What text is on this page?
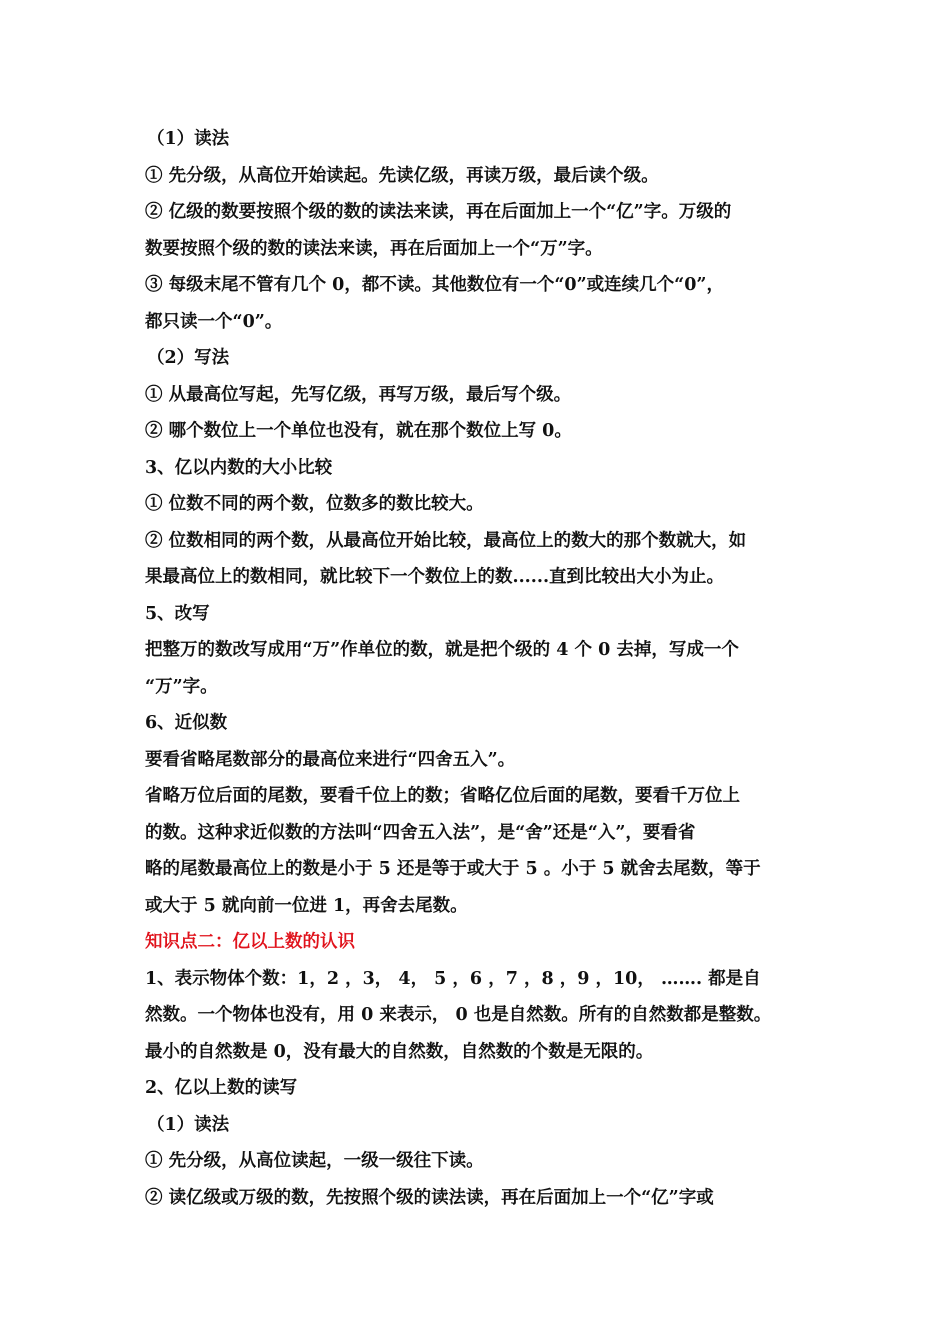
（1）读法
① 先分级，从高位开始读起。先读亿级，再读万级，最后读个级。
② 亿级的数要按照个级的数的读法来读，再在后面加上一个“亿”字。万级的
数要按照个级的数的读法来读，再在后面加上一个“万”字。
③ 每级末尾不管有几个 0，都不读。其他数位有一个“0”或连续几个“0”，
都只读一个“0”。
（2）写法
① 从最高位写起，先写亿级，再写万级，最后写个级。
② 哪个数位上一个单位也没有，就在那个数位上写 0。
3、亿以内数的大小比较
① 位数不同的两个数，位数多的数比较大。
② 位数相同的两个数，从最高位开始比较，最高位上的数大的那个数就大，如
果最高位上的数相同，就比较下一个数位上的数......直到比较出大小为止。
5、改写
把整万的数改写成用“万”作单位的数，就是把个级的 4 个 0 去掉，写成一个
“万”字。
6、近似数
要看省略尾数部分的最高位来进行“四舍五入”。
省略万位后面的尾数，要看千位上的数；省略亿位后面的尾数，要看千万位上
的数。这种求近似数的方法叫“四舍五入法”，是“舍”还是“入”，要看省
略的尾数最高位上的数是小于 5 还是等于或大于 5 。小于 5 就舍去尾数，等于
或大于 5 就向前一位进 1，再舍去尾数。
知识点二：亿以上数的认识
1、表示物体个数：1，2 ，3， 4， 5 ，6 ，7 ，8 ，9 ，10， ……. 都是自
然数。一个物体也没有，用 0 来表示， 0 也是自然数。所有的自然数都是整数。
最小的自然数是 0，没有最大的自然数，自然数的个数是无限的。
2、亿以上数的读写
（1）读法
① 先分级，从高位读起，一级一级往下读。
② 读亿级或万级的数，先按照个级的读法读，再在后面加上一个“亿”字或
